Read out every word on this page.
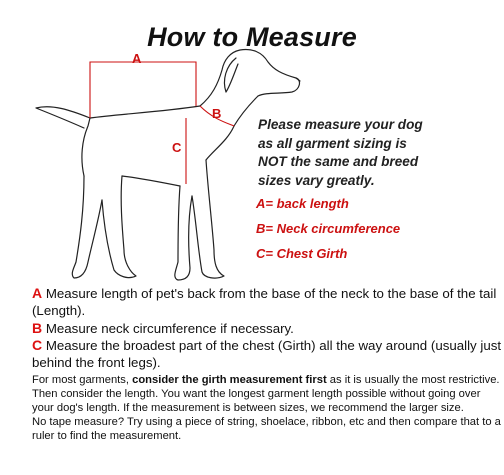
How to Measure
A
B
C
Please measure your dog
as all garment sizing is
NOT the same and breed
sizes vary greatly.
A= back length
B= Neck circumference
C= Chest Girth
A Measure length of pet's back from the base of the neck to the base of the tail (Length).
B Measure neck circumference if necessary.
C Measure the broadest part of the chest (Girth) all the way around (usually just behind the front legs).
For most garments, consider the girth measurement first as it is usually the most restrictive. Then consider the length. You want the longest garment length possible without going over your dog's length. If the measurement is between sizes, we recommend the larger size.
No tape measure? Try using a piece of string, shoelace, ribbon, etc and then compare that to a ruler to find the measurement.
